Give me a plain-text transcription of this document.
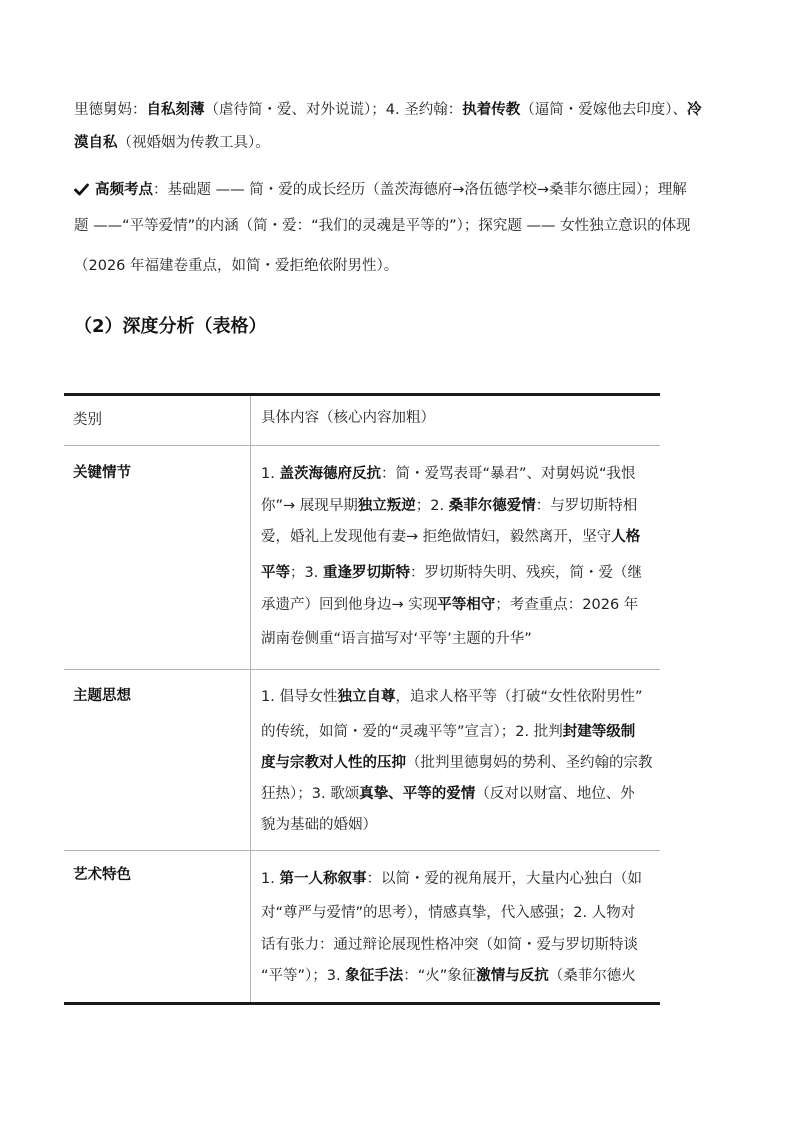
里德舅妈：自私刻薄（虐待简・爱、对外说谎）；4. 圣约翰：执着传教（逼简・爱嫁他去印度）、冷
漠自私（视婚姻为传教工具）。
高频考点：基础题 —— 简・爱的成长经历（盖茨海德府→洛伍德学校→桑菲尔德庄园）；理解
题 ——“平等爱情”的内涵（简・爱：“我们的灵魂是平等的”）；探究题 —— 女性独立意识的体现
（2026 年福建卷重点，如简・爱拒绝依附男性）。
（2）深度分析（表格）
类别	具体内容（核心内容加粗）
关键情节	1. 盖茨海德府反抗：简・爱骂表哥“暴君”、对舅妈说“我恨
你”→ 展现早期独立叛逆；2. 桑菲尔德爱情：与罗切斯特相
爱，婚礼上发现他有妻→ 拒绝做情妇，毅然离开，坚守人格
平等；3. 重逢罗切斯特：罗切斯特失明、残疾，简・爱（继
承遗产）回到他身边→ 实现平等相守；考查重点：2026 年
湖南卷侧重“语言描写对‘平等’主题的升华”
主题思想	1. 倡导女性独立自尊，追求人格平等（打破“女性依附男性”
的传统，如简・爱的“灵魂平等”宣言）；2. 批判封建等级制
度与宗教对人性的压抑（批判里德舅妈的势利、圣约翰的宗教
狂热）；3. 歌颂真挚、平等的爱情（反对以财富、地位、外
貌为基础的婚姻）
艺术特色	1. 第一人称叙事：以简・爱的视角展开，大量内心独白（如
对“尊严与爱情”的思考），情感真挚，代入感强；2. 人物对
话有张力：通过辩论展现性格冲突（如简・爱与罗切斯特谈
“平等”）；3. 象征手法：“火”象征激情与反抗（桑菲尔德火
